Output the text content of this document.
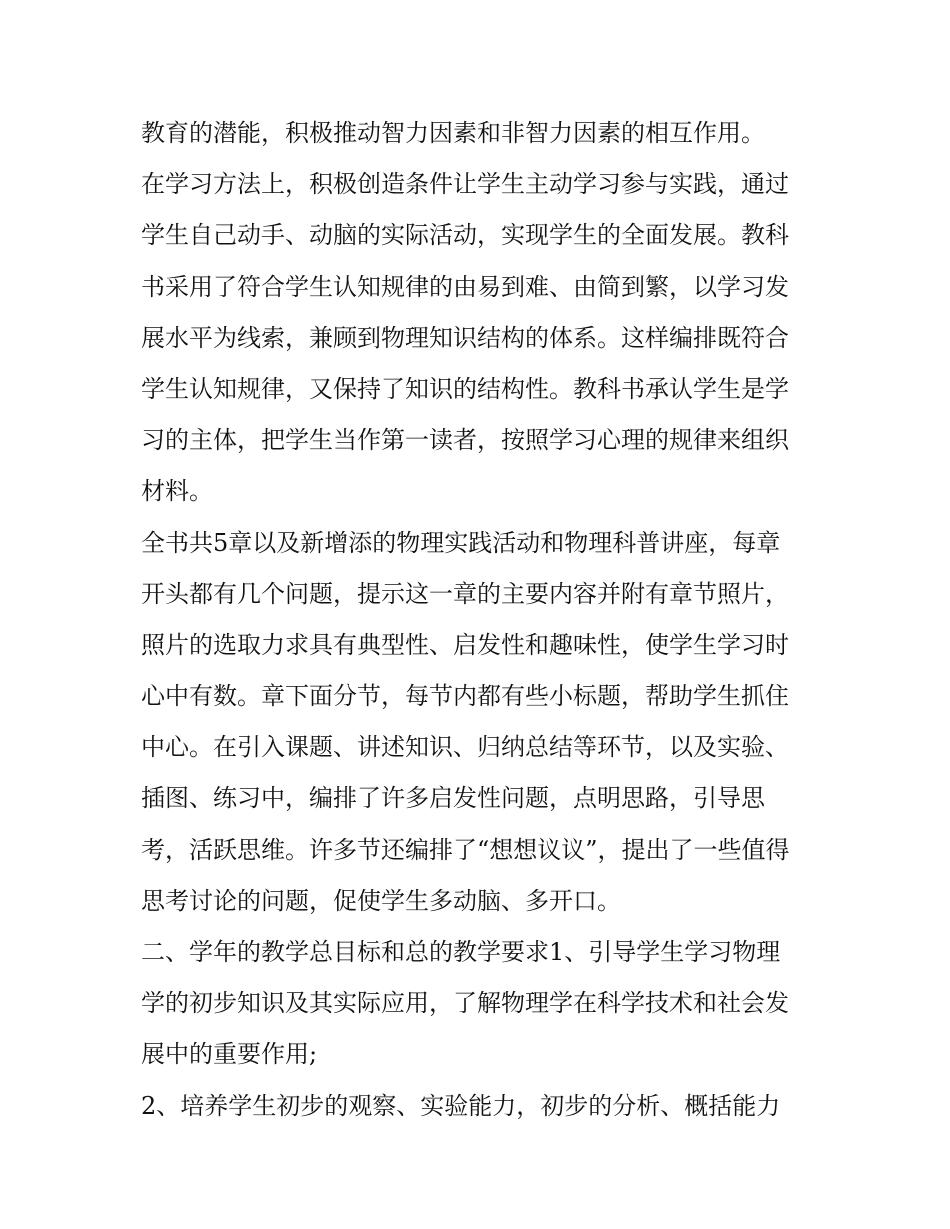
教育的潜能，积极推动智力因素和非智力因素的相互作用。
在学习方法上，积极创造条件让学生主动学习参与实践，通过
学生自己动手、动脑的实际活动，实现学生的全面发展。教科
书采用了符合学生认知规律的由易到难、由简到繁，以学习发
展水平为线索，兼顾到物理知识结构的体系。这样编排既符合
学生认知规律，又保持了知识的结构性。教科书承认学生是学
习的主体，把学生当作第一读者，按照学习心理的规律来组织
材料。
全书共5章以及新增添的物理实践活动和物理科普讲座，每章
开头都有几个问题，提示这一章的主要内容并附有章节照片，
照片的选取力求具有典型性、启发性和趣味性，使学生学习时
心中有数。章下面分节，每节内都有些小标题，帮助学生抓住
中心。在引入课题、讲述知识、归纳总结等环节，以及实验、
插图、练习中，编排了许多启发性问题，点明思路，引导思
考，活跃思维。许多节还编排了“想想议议”，提出了一些值得
思考讨论的问题，促使学生多动脑、多开口。
二、学年的教学总目标和总的教学要求1、引导学生学习物理
学的初步知识及其实际应用，了解物理学在科学技术和社会发
展中的重要作用;
2、培养学生初步的观察、实验能力，初步的分析、概括能力
